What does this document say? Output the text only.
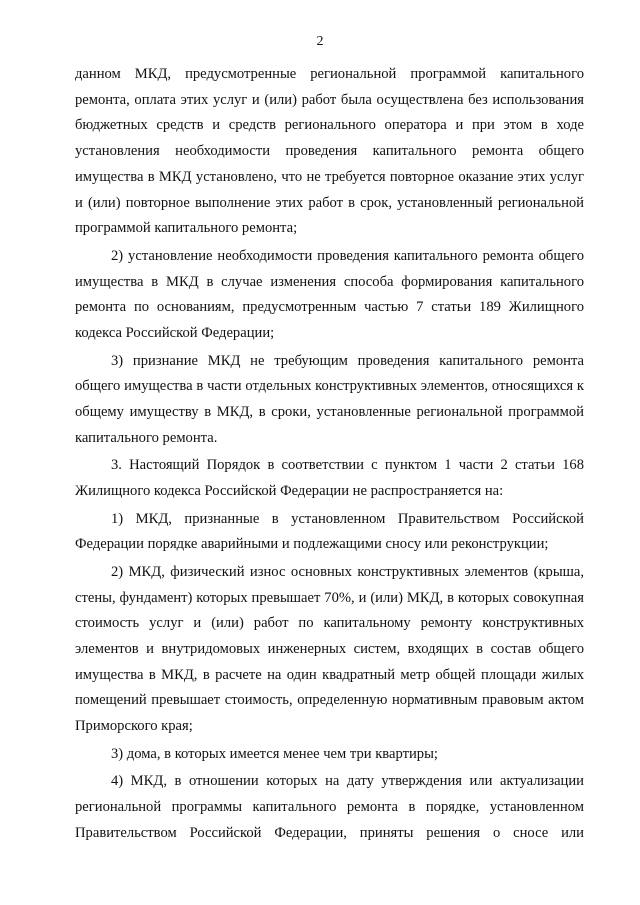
2

данном МКД, предусмотренные региональной программой капитального ремонта, оплата этих услуг и (или) работ была осуществлена без использования бюджетных средств и средств регионального оператора и при этом в ходе установления необходимости проведения капитального ремонта общего имущества в МКД установлено, что не требуется повторное оказание этих услуг и (или) повторное выполнение этих работ в срок, установленный региональной программой капитального ремонта;

2) установление необходимости проведения капитального ремонта общего имущества в МКД в случае изменения способа формирования капитального ремонта по основаниям, предусмотренным частью 7 статьи 189 Жилищного кодекса Российской Федерации;

3) признание МКД не требующим проведения капитального ремонта общего имущества в части отдельных конструктивных элементов, относящихся к общему имуществу в МКД, в сроки, установленные региональной программой капитального ремонта.

3. Настоящий Порядок в соответствии с пунктом 1 части 2 статьи 168 Жилищного кодекса Российской Федерации не распространяется на:

1) МКД, признанные в установленном Правительством Российской Федерации порядке аварийными и подлежащими сносу или реконструкции;

2) МКД, физический износ основных конструктивных элементов (крыша, стены, фундамент) которых превышает 70%, и (или) МКД, в которых совокупная стоимость услуг и (или) работ по капитальному ремонту конструктивных элементов и внутридомовых инженерных систем, входящих в состав общего имущества в МКД, в расчете на один квадратный метр общей площади жилых помещений превышает стоимость, определенную нормативным правовым актом Приморского края;

3) дома, в которых имеется менее чем три квартиры;

4) МКД, в отношении которых на дату утверждения или актуализации региональной программы капитального ремонта в порядке, установленном Правительством Российской Федерации, приняты решения о сносе или
